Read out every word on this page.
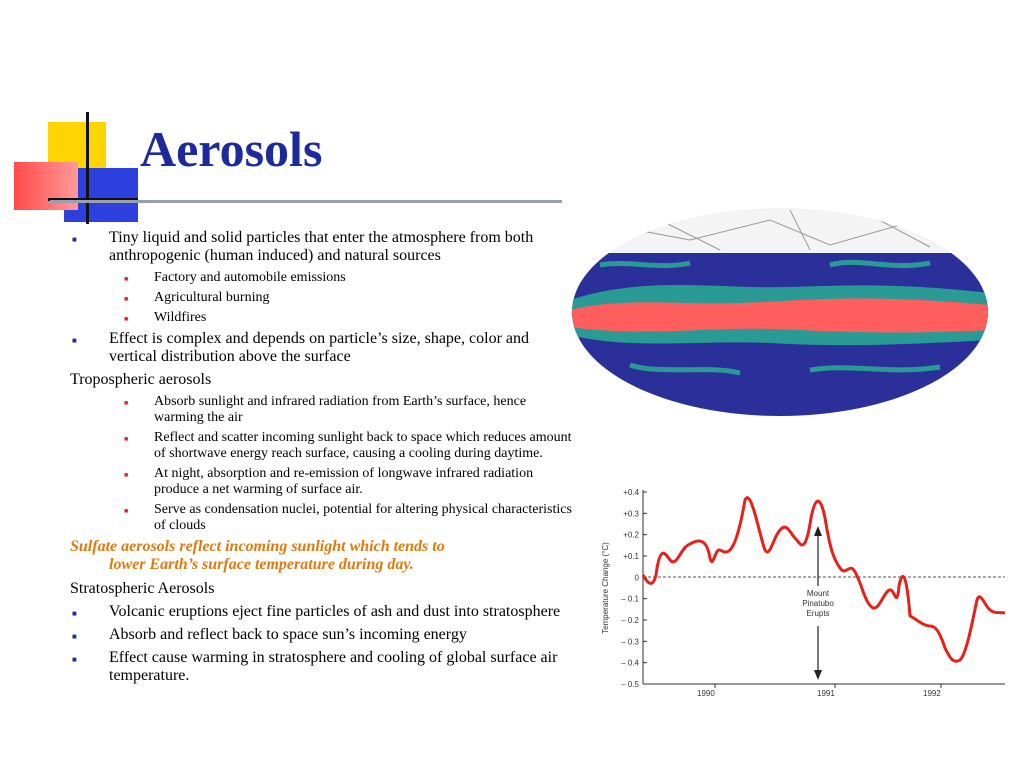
Aerosols
■ Tiny liquid and solid particles that enter the atmosphere from both anthropogenic (human induced) and natural sources
■ Factory and automobile emissions
■ Agricultural burning
■ Wildfires
■ Effect is complex and depends on particle’s size, shape, color and vertical distribution above the surface
Tropospheric aerosols
■ Absorb sunlight and infrared radiation from Earth’s surface, hence warming the air
■ Reflect and scatter incoming sunlight back to space which reduces amount of shortwave energy reach surface, causing a cooling during daytime.
■ At night, absorption and re-emission of longwave infrared radiation produce a net warming of surface air.
■ Serve as condensation nuclei, potential for altering physical characteristics of clouds
Sulfate aerosols reflect incoming sunlight which tends to
lower Earth’s surface temperature during day.
Stratospheric Aerosols
■ Volcanic eruptions eject fine particles of ash and dust into stratosphere
■ Absorb and reflect back to space sun’s incoming energy
■ Effect cause warming in stratosphere and cooling of global surface air temperature.
Temperature Change (°C)
+0.4
+0.3
+0.2
+0.1
0
– 0.1
– 0.2
– 0.3
– 0.4
– 0.5
1990	1991	1992
Mount
Pinatubo
Erupts
